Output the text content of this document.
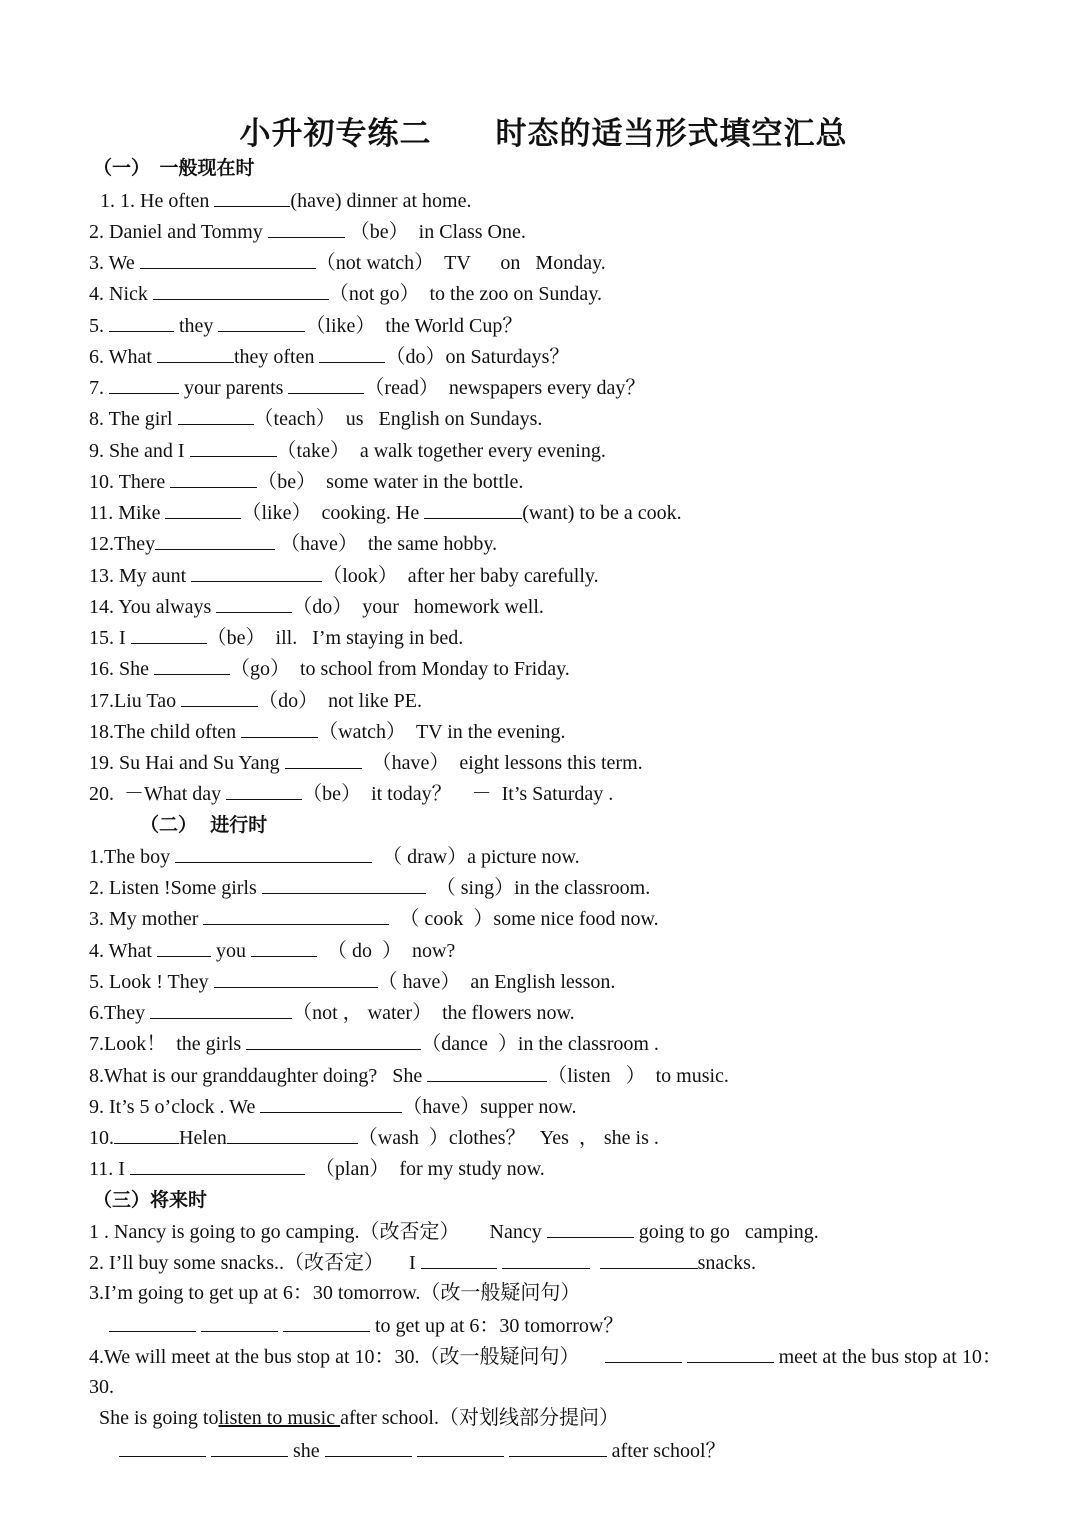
小升初专练二　　时态的适当形式填空汇总
（一）　一般现在时
1. 1. He often	(have) dinner at home.
2. Daniel and Tommy	（be）  in Class One.
3. We	（not watch）  TV      on   Monday.
4. Nick	（not go）  to the zoo on Sunday.
5.	they	（like）  the World Cup？
6. What	they often	（do）on Saturdays？
7.	your parents	（read）  newspapers every day？
8. The girl	（teach）  us   English on Sundays.
9. She and I	（take）  a walk together every evening.
10. There	（be）  some water in the bottle.
11. Mike	（like）  cooking. He	(want) to be a cook.
12.They	（have）  the same hobby.
13. My aunt	（look）  after her baby carefully.
14. You always	（do）  your   homework well.
15. I	（be）  ill.   I’m staying in bed.
16. She	（go）  to school from Monday to Friday.
17.Liu Tao	（do）  not like PE.
18.The child often	（watch）  TV in the evening.
19. Su Hai and Su Yang	（have）  eight lessons this term.
20.  －What day	（be）  it today？    －  It’s Saturday .
（二）  进行时
1.The boy	（ draw）a picture now.
2. Listen !Some girls	（ sing）in the classroom.
3. My mother	（ cook  ）some nice food now.
4. What	you	（ do  ）  now?
5. Look ! They	（ have）  an English lesson.
6.They	（not ， water）  the flowers now.
7.Look！  the girls	（dance  ）in the classroom .
8.What is our granddaughter doing?   She	（listen   ）  to music.
9. It’s 5 o’clock . We	（have）supper now.
10.	Helen	（wash  ）clothes？   Yes  ， she is .
11. I	（plan）  for my study now.
（三）将来时
1 . Nancy is going to go camping.（改否定）      Nancy	going to go   camping.
2. I’ll buy some snacks..（改否定）     I	snacks.
3.I’m going to get up at 6：30 tomorrow.（改一般疑问句）
to get up at 6：30 tomorrow？
4.We will meet at the bus stop at 10：30.（改一般疑问句）	meet at the bus stop at 10：
30.
She is going tolisten to music after school.（对划线部分提问）
she	after school？
